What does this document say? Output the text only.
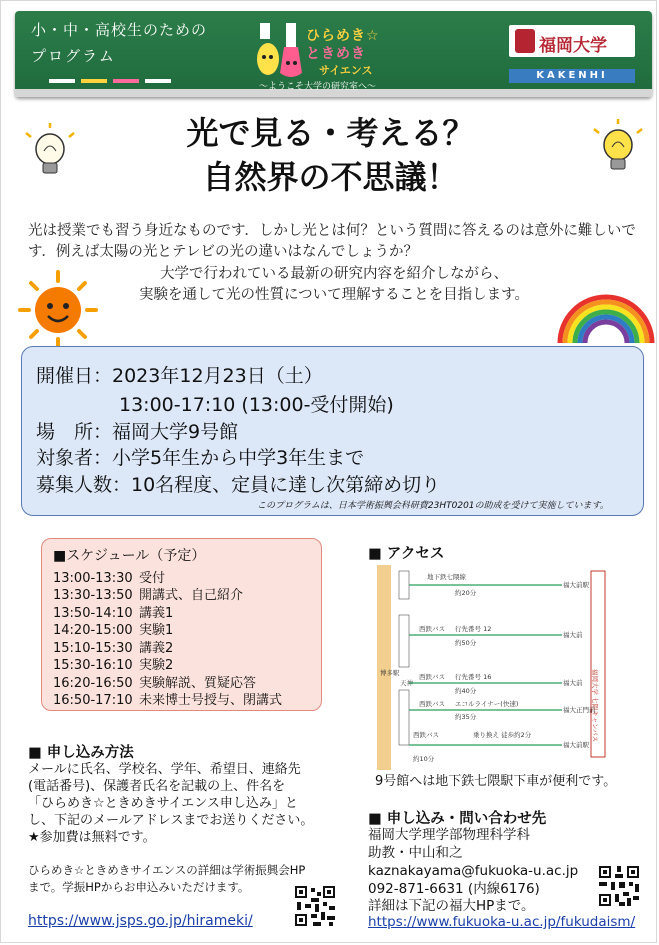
小・中・高校生のための
プログラム
ひらめき☆
ときめき
サイエンス
～ようこそ大学の研究室へ～
福岡大学
KAKENHI
光で見る・考える？
自然界の不思議！
光は授業でも習う身近なものです．しかし光とは何？という質問に答えるのは意外に難しいです．例えば太陽の光とテレビの光の違いはなんでしょうか？
大学で行われている最新の研究内容を紹介しながら、
実験を通して光の性質について理解することを目指します。
開催日：2023年12月23日（土）
13:00-17:10 (13:00-受付開始)
場　所：福岡大学9号館
対象者：小学5年生から中学3年生まで
募集人数：10名程度、定員に達し次第締め切り
このプログラムは、日本学術振興会科研費23HT0201の助成を受けて実施しています。
■スケジュール（予定）
13:00-13:30 受付
13:30-13:50 開講式、自己紹介
13:50-14:10 講義1
14:20-15:00 実験1
15:10-15:30 講義2
15:30-16:10 実験2
16:20-16:50 実験解説、質疑応答
16:50-17:10 未来博士号授与、閉講式
■ アクセス
博多駅
天神	福岡大学 七隈キャンパス
地下鉄七隈線
約20分
福大前駅
西鉄バス 行先番号 12
約50分
福大前
西鉄バス 行先番号 16
約40分
福大前
西鉄バス エコルライナー(快速)
約35分
福大正門前
西鉄バス	乗り換え 徒歩約2分
約10分
福大前駅
9号館へは地下鉄七隈駅下車が便利です。
■ 申し込み方法
メールに氏名、学校名、学年、希望日、連絡先
(電話番号)、保護者氏名を記載の上、件名を
「ひらめき☆ときめきサイエンス申し込み」と
し、下記のメールアドレスまでお送りください。
★参加費は無料です。
ひらめき☆ときめきサイエンスの詳細は学術振興会HP
まで。学振HPからお申込みいただけます。
https://www.jsps.go.jp/hirameki/
■ 申し込み・問い合わせ先
福岡大学理学部物理科学科
助教・中山和之
kaznakayama@fukuoka-u.ac.jp
092-871-6631 (内線6176)
詳細は下記の福大HPまで。
https://www.fukuoka-u.ac.jp/fukudaism/
